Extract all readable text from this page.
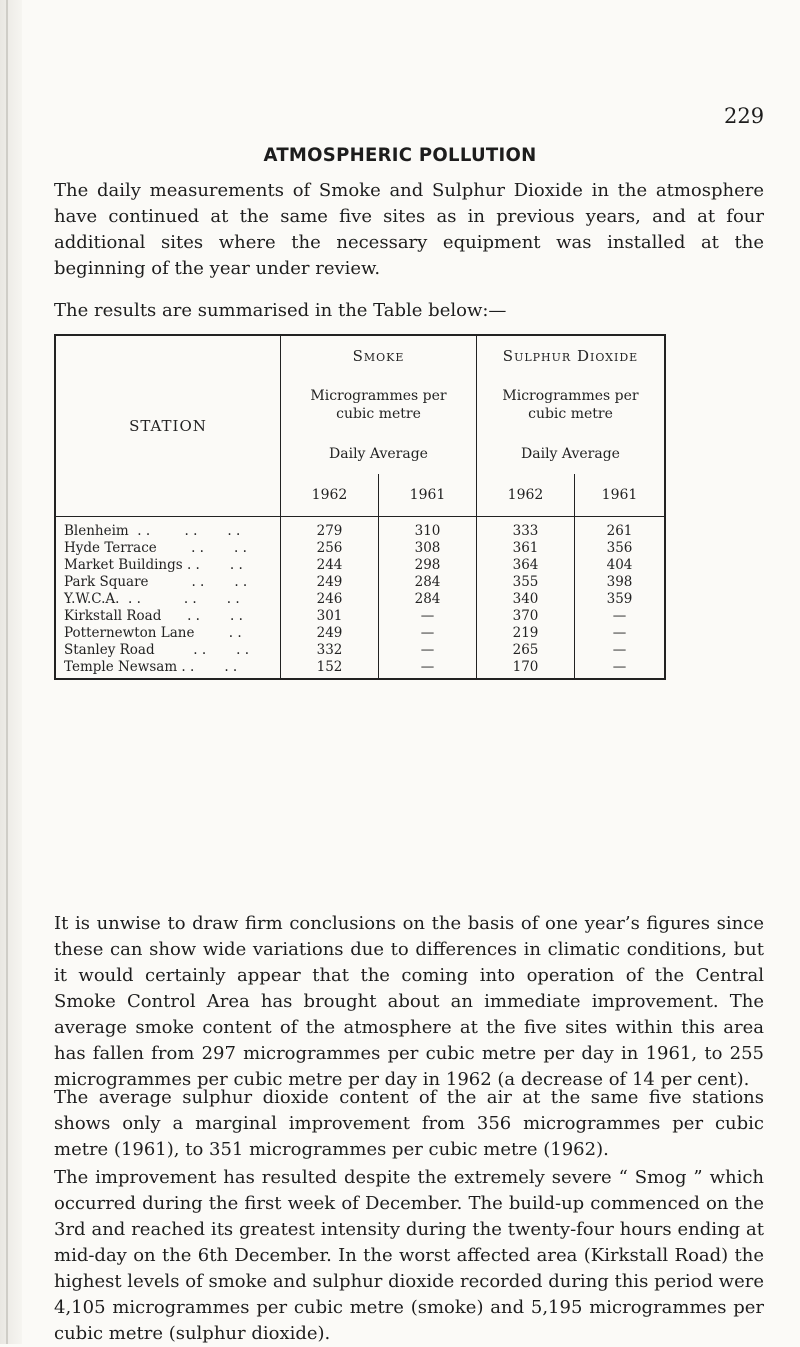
229
ATMOSPHERIC POLLUTION

The daily measurements of Smoke and Sulphur Dioxide in the atmosphere have continued at the same five sites as in previous years, and at four additional sites where the necessary equipment was installed at the beginning of the year under review.

The results are summarised in the Table below:—

STATION	Smoke		Sulphur Dioxide	
	Microgrammes per cubic metre		Microgrammes per cubic metre	
	Daily Average		Daily Average	
	1962	1961	1962	1961
Blenheim  . .        . .       . .	279	310	333	261
Hyde Terrace        . .       . .	256	308	361	356
Market Buildings . .       . .	244	298	364	404
Park Square          . .       . .	249	284	355	398
Y.W.C.A.  . .          . .       . .	246	284	340	359
Kirkstall Road      . .       . .	301	—	370	—
Potternewton Lane        . .	249	—	219	—
Stanley Road         . .       . .	332	—	265	—
Temple Newsam . .       . .	152	—	170	—

It is unwise to draw firm conclusions on the basis of one year’s figures since these can show wide variations due to differences in climatic conditions, but it would certainly appear that the coming into operation of the Central Smoke Control Area has brought about an immediate improvement. The average smoke content of the atmosphere at the five sites within this area has fallen from 297 microgrammes per cubic metre per day in 1961, to 255 microgrammes per cubic metre per day in 1962 (a decrease of 14 per cent).

The average sulphur dioxide content of the air at the same five stations shows only a marginal improvement from 356 microgrammes per cubic metre (1961), to 351 microgrammes per cubic metre (1962).

The improvement has resulted despite the extremely severe “ Smog ” which occurred during the first week of December. The build-up commenced on the 3rd and reached its greatest intensity during the twenty-four hours ending at mid-day on the 6th December. In the worst affected area (Kirkstall Road) the highest levels of smoke and sulphur dioxide recorded during this period were 4,105 microgrammes per cubic metre (smoke) and 5,195 microgrammes per cubic metre (sulphur dioxide).
